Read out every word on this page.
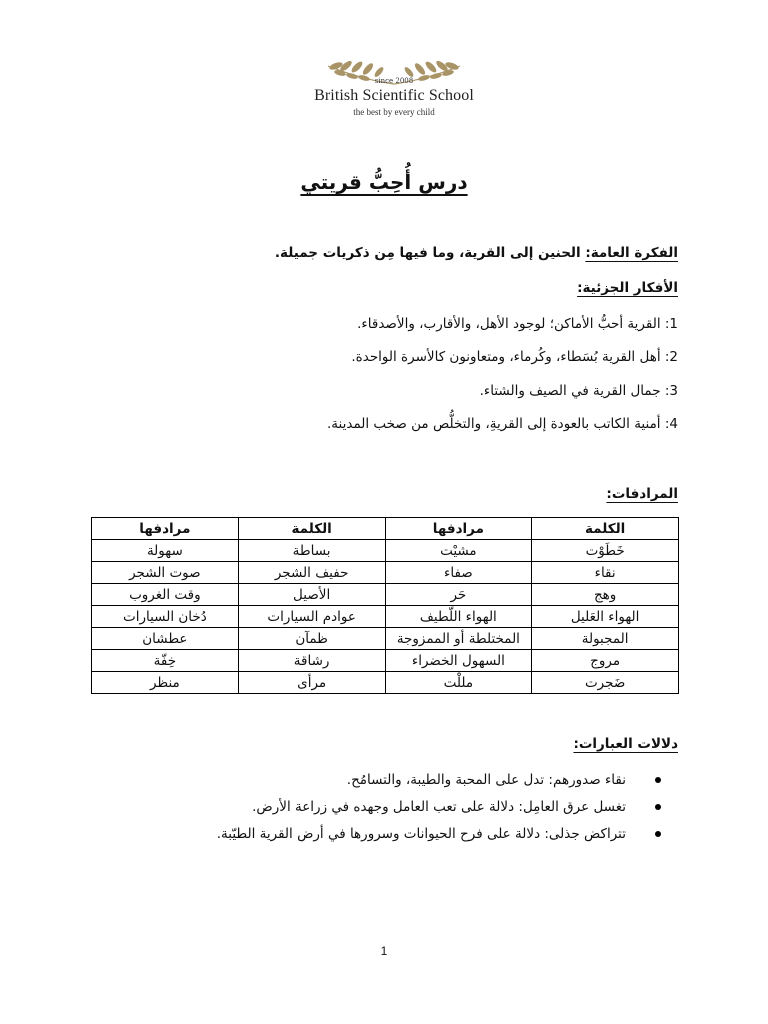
since 2008
British Scientific School
the best by every child
درس أُحِبُّ قريتي
الفكرة العامة: الحنين إلى القرية، وما فيها مِن ذكريات جميلة.
الأفكار الجزئية:
1: القرية أحبُّ الأماكن؛ لوجود الأهل، والأقارب، والأصدقاء.
2: أهل القرية بُسَطاء، وكُرماء، ومتعاونون كالأسرة الواحدة.
3: جمال القرية في الصيف والشتاء.
4: أمنية الكاتب بالعودة إلى القريةِ، والتخلُّص من صخب المدينة.
المرادفات:
الكلمة	مرادفها	الكلمة	مرادفها
خَطَوْت	مشيْت	بساطة	سهولة
نقاء	صفاء	حفيف الشجر	صوت الشجر
وهج	حَر	الأصيل	وقت الغروب
الهواء العَليل	الهواء اللّطيف	عوادم السيارات	دُخان السيارات
المجبولة	المختلطة أو الممزوجة	ظمآن	عطشان
مروج	السهول الخضراء	رشاقة	خِفّة
ضَجرت	مللْت	مرأى	منظر
دلالات العبارات:
نقاء صدورهم: تدل على المحبة والطيبة، والتسامُح.
تغسل عرق العامِل: دلالة على تعب العامل وجهده في زراعة الأرض.
تتراكض جذلى: دلالة على فرح الحيوانات وسرورها في أرض القرية الطيّبة.
1
